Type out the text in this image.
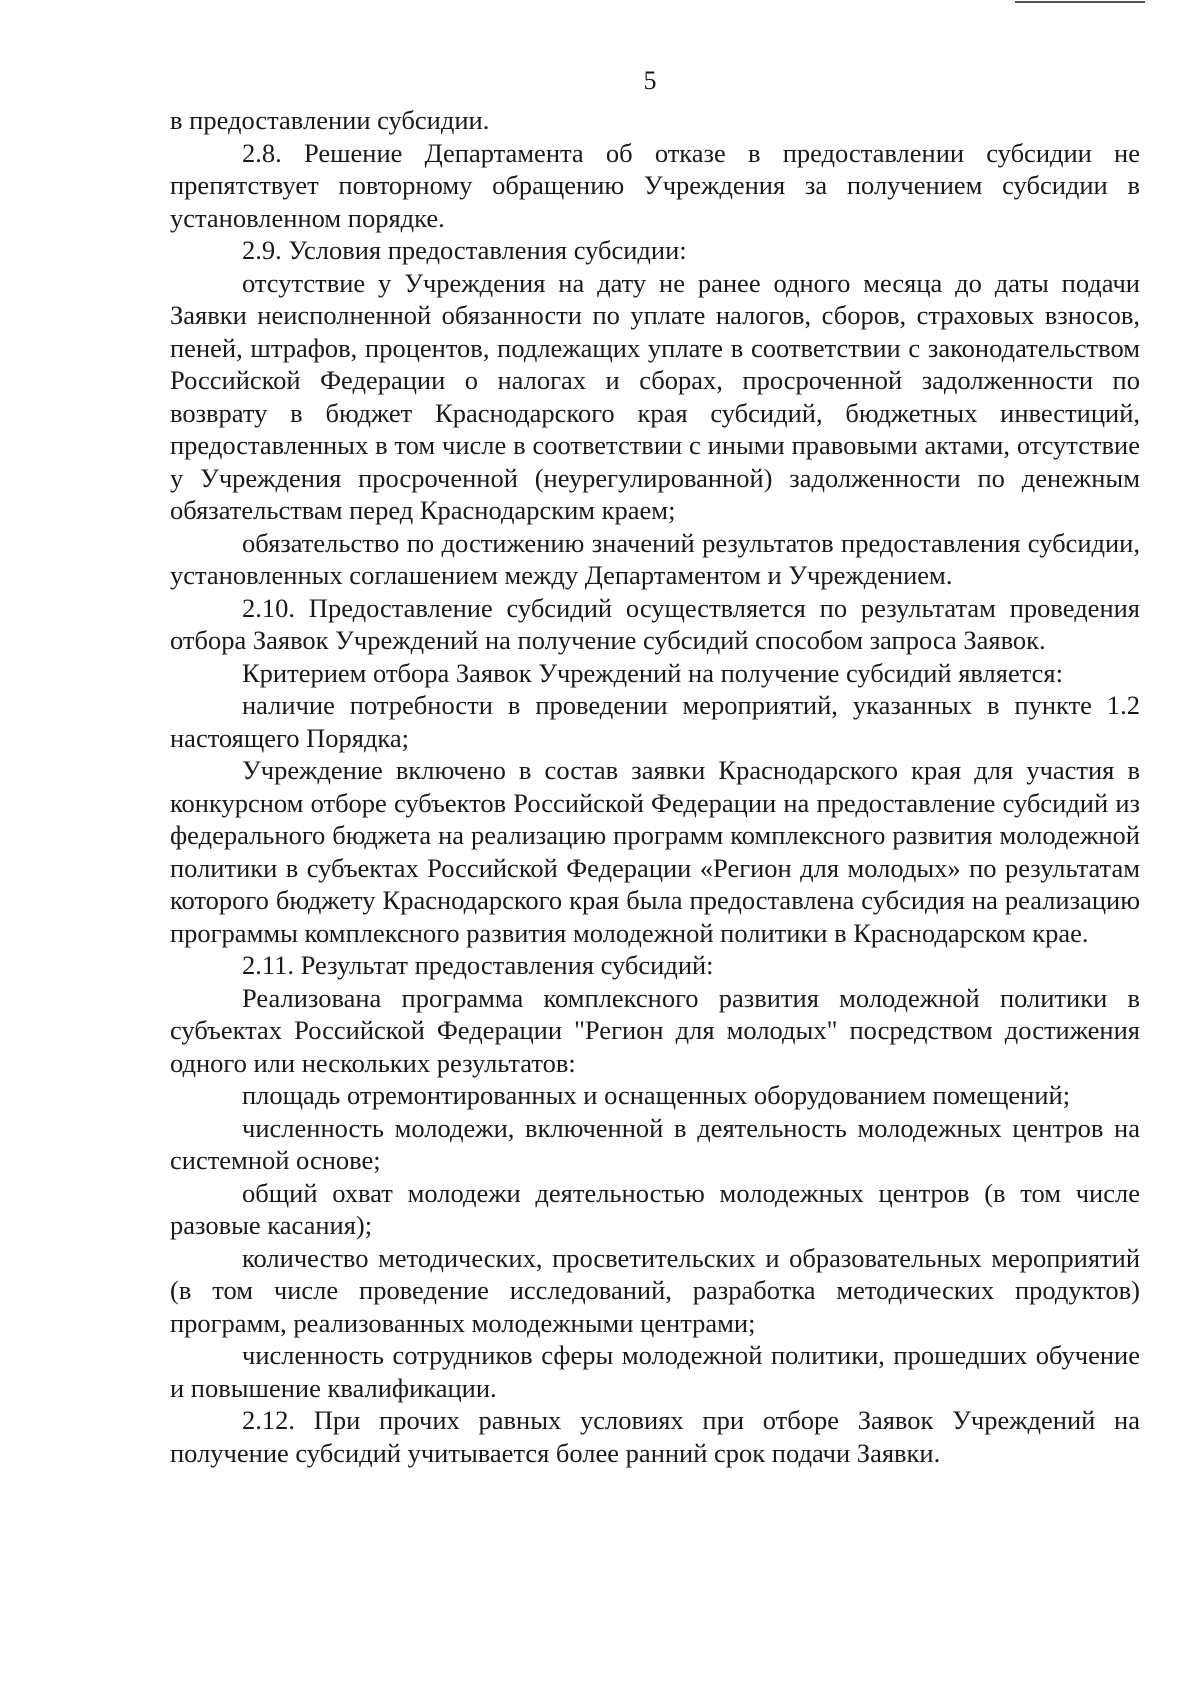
5

в предоставлении субсидии.

2.8. Решение Департамента об отказе в предоставлении субсидии не препятствует повторному обращению Учреждения за получением субсидии в установленном порядке.

2.9. Условия предоставления субсидии:

отсутствие у Учреждения на дату не ранее одного месяца до даты подачи Заявки неисполненной обязанности по уплате налогов, сборов, страховых взносов, пеней, штрафов, процентов, подлежащих уплате в соответствии с законодательством Российской Федерации о налогах и сборах, просроченной задолженности по возврату в бюджет Краснодарского края субсидий, бюджетных инвестиций, предоставленных в том числе в соответствии с иными правовыми актами, отсутствие у Учреждения просроченной (неурегулированной) задолженности по денежным обязательствам перед Краснодарским краем;

обязательство по достижению значений результатов предоставления субсидии, установленных соглашением между Департаментом и Учреждением.

2.10. Предоставление субсидий осуществляется по результатам проведения отбора Заявок Учреждений на получение субсидий способом запроса Заявок.

Критерием отбора Заявок Учреждений на получение субсидий является:

наличие потребности в проведении мероприятий, указанных в пункте 1.2 настоящего Порядка;

Учреждение включено в состав заявки Краснодарского края для участия в конкурсном отборе субъектов Российской Федерации на предоставление субсидий из федерального бюджета на реализацию программ комплексного развития молодежной политики в субъектах Российской Федерации «Регион для молодых» по результатам которого бюджету Краснодарского края была предоставлена субсидия на реализацию программы комплексного развития молодежной политики в Краснодарском крае.

2.11. Результат предоставления субсидий:

Реализована программа комплексного развития молодежной политики в субъектах Российской Федерации "Регион для молодых" посредством достижения одного или нескольких результатов:

площадь отремонтированных и оснащенных оборудованием помещений;

численность молодежи, включенной в деятельность молодежных центров на системной основе;

общий охват молодежи деятельностью молодежных центров (в том числе разовые касания);

количество методических, просветительских и образовательных мероприятий (в том числе проведение исследований, разработка методических продуктов) программ, реализованных молодежными центрами;

численность сотрудников сферы молодежной политики, прошедших обучение и повышение квалификации.

2.12. При прочих равных условиях при отборе Заявок Учреждений на получение субсидий учитывается более ранний срок подачи Заявки.
